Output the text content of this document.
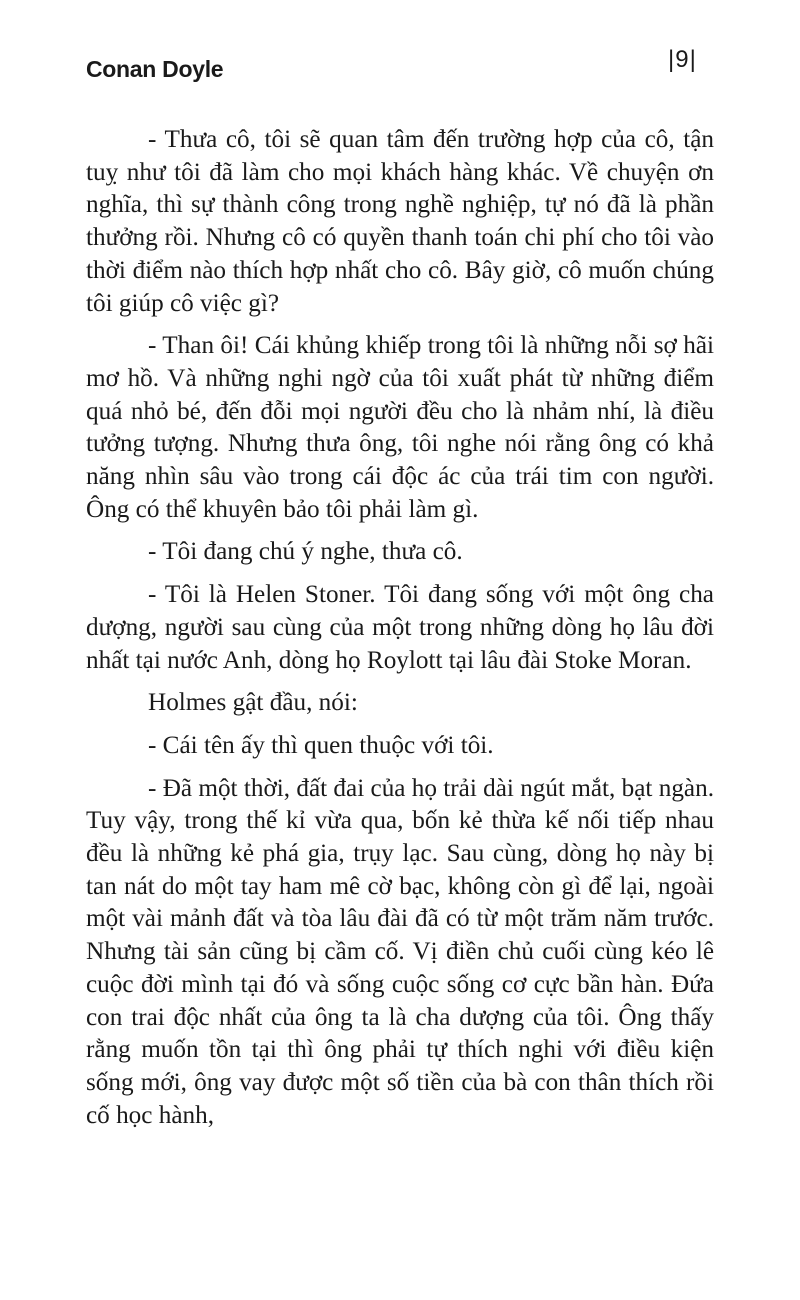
Conan Doyle	|9|

- Thưa cô, tôi sẽ quan tâm đến trường hợp của cô, tận tuỵ như tôi đã làm cho mọi khách hàng khác. Về chuyện ơn nghĩa, thì sự thành công trong nghề nghiệp, tự nó đã là phần thưởng rồi. Nhưng cô có quyền thanh toán chi phí cho tôi vào thời điểm nào thích hợp nhất cho cô. Bây giờ, cô muốn chúng tôi giúp cô việc gì?

- Than ôi! Cái khủng khiếp trong tôi là những nỗi sợ hãi mơ hồ. Và những nghi ngờ của tôi xuất phát từ những điểm quá nhỏ bé, đến đỗi mọi người đều cho là nhảm nhí, là điều tưởng tượng. Nhưng thưa ông, tôi nghe nói rằng ông có khả năng nhìn sâu vào trong cái độc ác của trái tim con người. Ông có thể khuyên bảo tôi phải làm gì.

- Tôi đang chú ý nghe, thưa cô.

- Tôi là Helen Stoner. Tôi đang sống với một ông cha dượng, người sau cùng của một trong những dòng họ lâu đời nhất tại nước Anh, dòng họ Roylott tại lâu đài Stoke Moran.

Holmes gật đầu, nói:

- Cái tên ấy thì quen thuộc với tôi.

- Đã một thời, đất đai của họ trải dài ngút mắt, bạt ngàn. Tuy vậy, trong thế kỉ vừa qua, bốn kẻ thừa kế nối tiếp nhau đều là những kẻ phá gia, trụy lạc. Sau cùng, dòng họ này bị tan nát do một tay ham mê cờ bạc, không còn gì để lại, ngoài một vài mảnh đất và tòa lâu đài đã có từ một trăm năm trước. Nhưng tài sản cũng bị cầm cố. Vị điền chủ cuối cùng kéo lê cuộc đời mình tại đó và sống cuộc sống cơ cực bần hàn. Đứa con trai độc nhất của ông ta là cha dượng của tôi. Ông thấy rằng muốn tồn tại thì ông phải tự thích nghi với điều kiện sống mới, ông vay được một số tiền của bà con thân thích rồi cố học hành,
